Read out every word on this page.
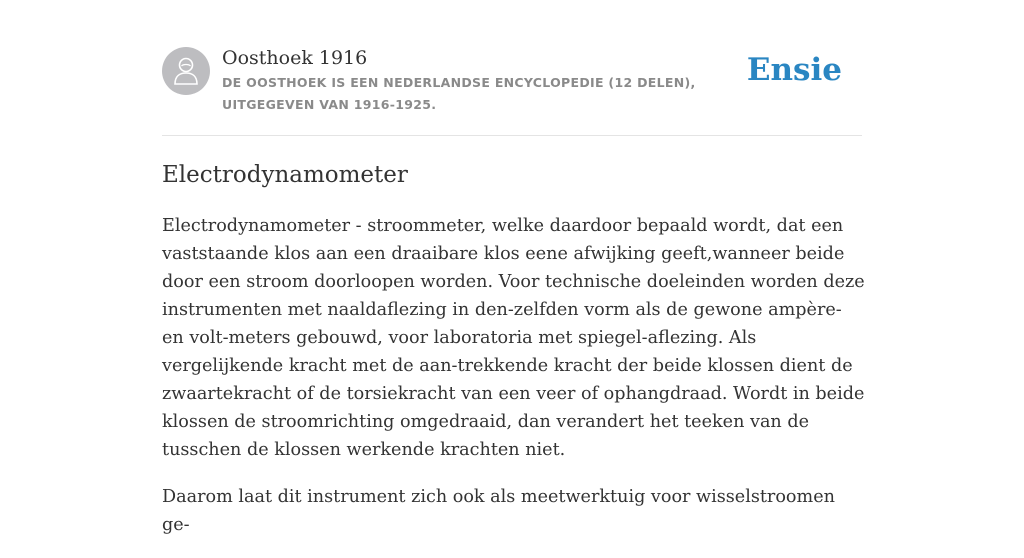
Oosthoek 1916
DE OOSTHOEK IS EEN NEDERLANDSE ENCYCLOPEDIE (12 DELEN), UITGEGEVEN VAN 1916-1925.
Ensie
Electrodynamometer

Electrodynamometer - stroommeter, welke daardoor bepaald wordt, dat een vaststaande klos aan een draaibare klos eene afwijking geeft,wanneer beide door een stroom doorloopen worden. Voor technische doeleinden worden deze instrumenten met naaldaflezing in den-zelfden vorm als de gewone ampère- en volt-meters gebouwd, voor laboratoria met spiegel-aflezing. Als vergelijkende kracht met de aan-trekkende kracht der beide klossen dient de zwaartekracht of de torsiekracht van een veer of ophangdraad. Wordt in beide klossen de stroomrichting omgedraaid, dan verandert het teeken van de tusschen de klossen werkende krachten niet.

Daarom laat dit instrument zich ook als meetwerktuig voor wisselstroomen ge-
